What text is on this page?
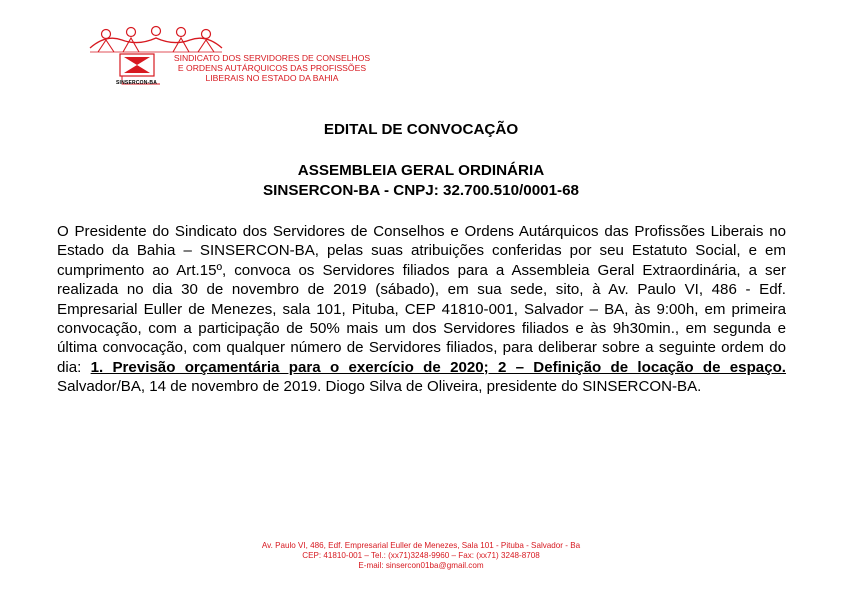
SINSERCON-BA
SINDICATO DOS SERVIDORES DE CONSELHOS
E ORDENS AUTÁRQUICOS DAS PROFISSÕES
LIBERAIS NO ESTADO DA BAHIA
EDITAL DE CONVOCAÇÃO
ASSEMBLEIA GERAL ORDINÁRIA
SINSERCON-BA - CNPJ: 32.700.510/0001-68
O Presidente do Sindicato dos Servidores de Conselhos e Ordens Autárquicos das Profissões Liberais no Estado da Bahia – SINSERCON-BA, pelas suas atribuições conferidas por seu Estatuto Social, e em cumprimento ao Art.15º, convoca os Servidores filiados para a Assembleia Geral Extraordinária, a ser realizada no dia 30 de novembro de 2019 (sábado), em sua sede, sito, à Av. Paulo VI, 486 - Edf. Empresarial Euller de Menezes, sala 101, Pituba, CEP 41810-001, Salvador – BA, às 9:00h, em primeira convocação, com a participação de 50% mais um dos Servidores filiados e às 9h30min., em segunda e última convocação, com qualquer número de Servidores filiados, para deliberar sobre a seguinte ordem do dia: 1. Previsão orçamentária para o exercício de 2020; 2 – Definição de locação de espaço. Salvador/BA, 14 de novembro de 2019. Diogo Silva de Oliveira, presidente do SINSERCON-BA.
Av. Paulo VI, 486, Edf. Empresarial Euller de Menezes, Sala 101 - Pituba - Salvador - Ba
CEP: 41810-001 – Tel.: (xx71)3248-9960 – Fax: (xx71) 3248-8708
E-mail: sinsercon01ba@gmail.com
